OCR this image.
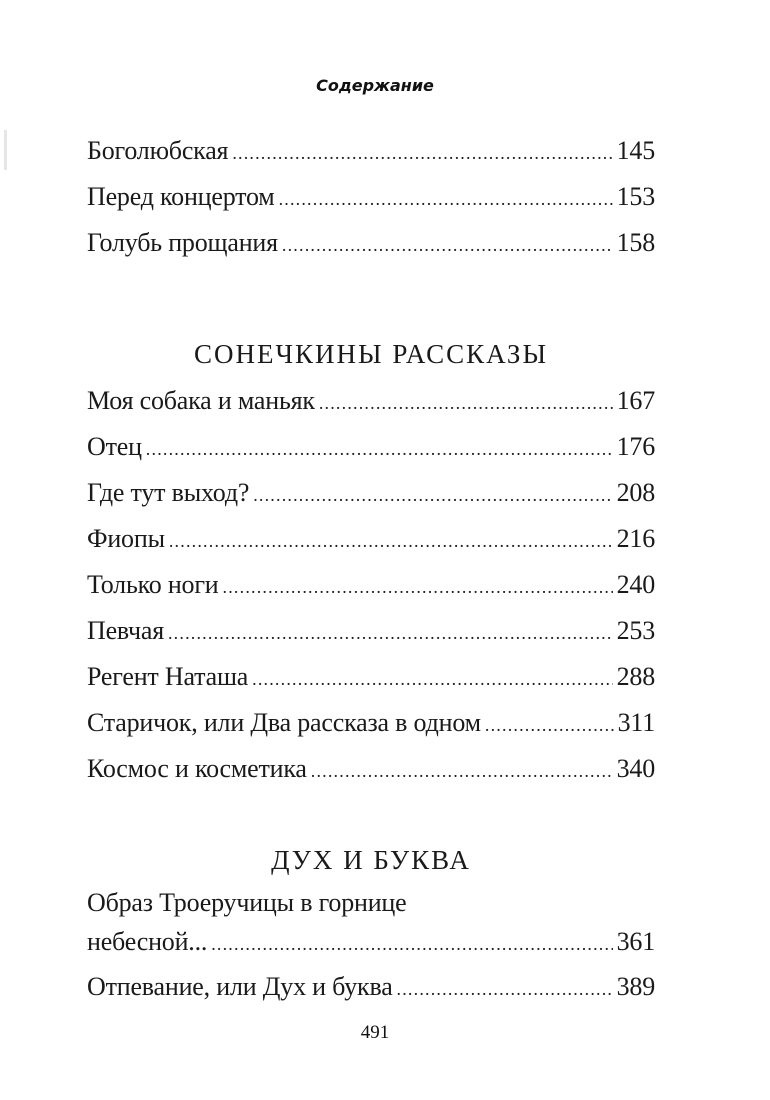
Содержание
Боголюбская .....	145
Перед концертом .....	153
Голубь прощания .....	158
СОНЕЧКИНЫ РАССКАЗЫ
Моя собака и маньяк .....	167
Отец .....	176
Где тут выход? .....	208
Фиопы .....	216
Только ноги .....	240
Певчая .....	253
Регент Наташа .....	288
Старичок, или Два рассказа в одном .....	311
Космос и косметика .....	340
ДУХ И БУКВА
Образ Троеручицы в горнице
небесной... .....	361
Отпевание, или Дух и буква .....	389
491
